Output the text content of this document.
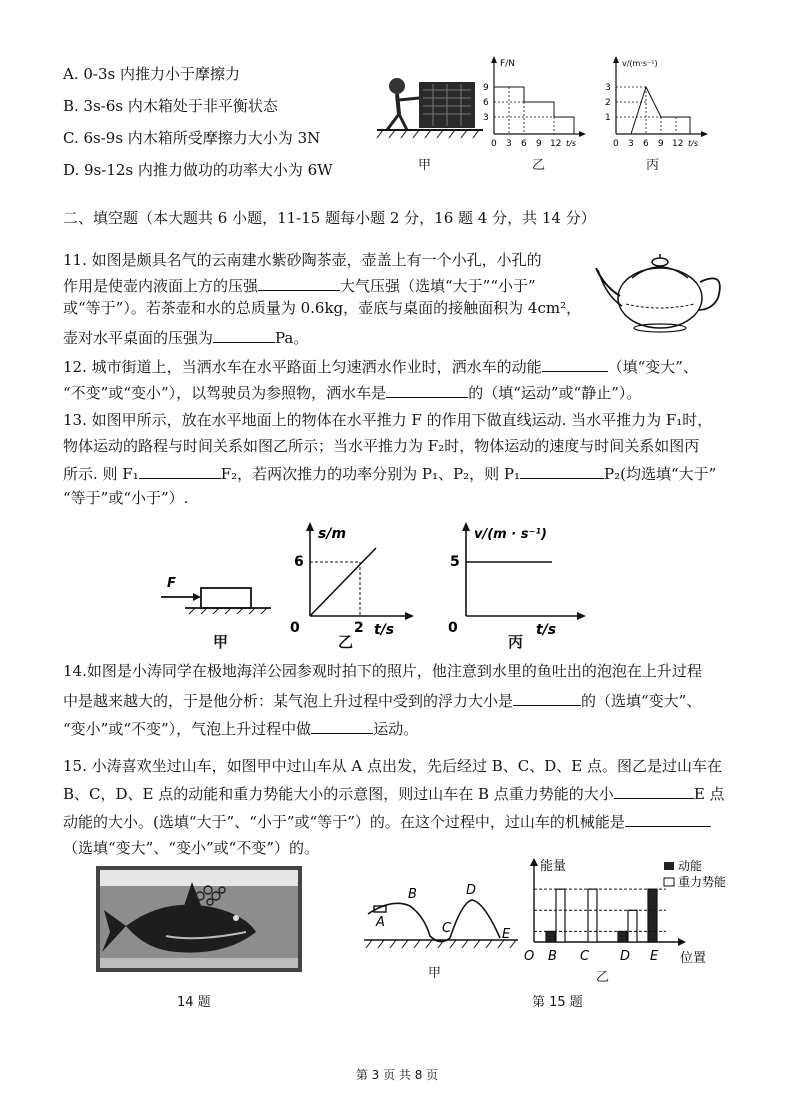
A. 0-3s 内推力小于摩擦力
B. 3s-6s 内木箱处于非平衡状态
C. 6s-9s 内木箱所受摩擦力大小为 3N
D. 9s-12s 内推力做功的功率大小为 6W	甲
F/N
9
6
3
0 3 6 9 12 t/s
乙
v/(m·s⁻¹)
3
2
1
0 3 6 9 12 t/s
丙
二、填空题（本大题共 6 小题，11-15 题每小题 2 分，16 题 4 分，共 14 分）
11. 如图是颇具名气的云南建水紫砂陶茶壶，壶盖上有一个小孔，小孔的
作用是使壶内液面上方的压强	大气压强（选填“大于”“小于”
或“等于”）。若茶壶和水的总质量为 0.6kg，壶底与桌面的接触面积为 4cm²，
壶对水平桌面的压强为	Pa。
12. 城市街道上，当洒水车在水平路面上匀速洒水作业时，洒水车的动能	（填“变大”、
“不变”或“变小”），以驾驶员为参照物，洒水车是	的（填“运动”或“静止”）。
13. 如图甲所示，放在水平地面上的物体在水平推力 F 的作用下做直线运动. 当水平推力为 F₁时，
物体运动的路程与时间关系如图乙所示；当水平推力为 F₂时，物体运动的速度与时间关系如图丙
所示. 则 F₁	F₂，若两次推力的功率分别为 P₁、P₂，则 P₁	P₂(均选填“大于”
“等于”或“小于”）.
F
甲
s/m
6
0	2 t/s
乙
v/(m · s⁻¹)
5
0	t/s
丙
14.如图是小涛同学在极地海洋公园参观时拍下的照片，他注意到水里的鱼吐出的泡泡在上升过程
中是越来越大的，于是他分析：某气泡上升过程中受到的浮力大小是	的（选填“变大”、
“变小”或“不变”），气泡上升过程中做	运动。
15. 小涛喜欢坐过山车，如图甲中过山车从 A 点出发，先后经过 B、C、D、E 点。图乙是过山车在
B、C，D、E 点的动能和重力势能大小的示意图，则过山车在 B 点重力势能的大小	E 点
动能的大小。(选填“大于”、“小于”或“等于”）的。在这个过程中，过山车的机械能是
（选填“变大”、“变小”或“不变”）的。
14 题
A
B
C
D
E
甲
能量
位置
O
动能
重力势能
B C D E
乙
第 15 题
第 3 页 共 8 页
